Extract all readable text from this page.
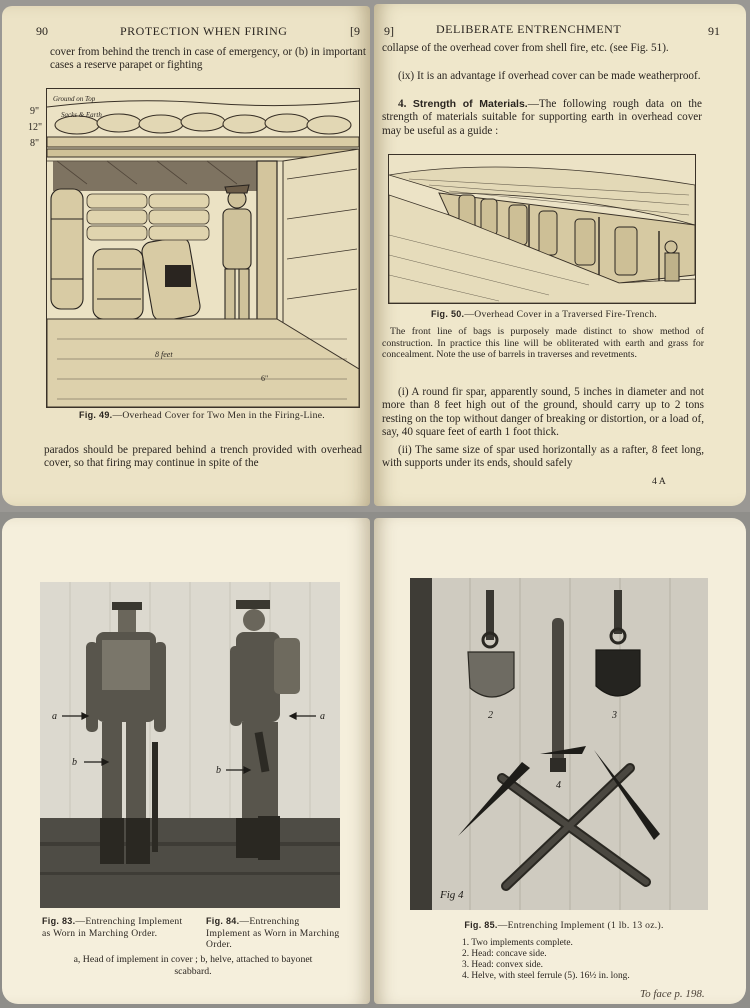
90	PROTECTION WHEN FIRING	[9
cover from behind the trench in case of emergency, or (b) in important cases a reserve parapet or fighting
Ground on Top
Sacks & Earth
8 feet
6"
9"
12"
8"
Fig. 49.—Overhead Cover for Two Men in the Firing-Line.
parados should be prepared behind a trench provided with overhead cover, so that firing may continue in spite of the
9]	DELIBERATE ENTRENCHMENT	91
collapse of the overhead cover from shell fire, etc. (see Fig. 51).
(ix) It is an advantage if overhead cover can be made weatherproof.
4. Strength of Materials.—The following rough data on the strength of materials suitable for supporting earth in overhead cover may be useful as a guide :
Fig. 50.—Overhead Cover in a Traversed Fire-Trench.
The front line of bags is purposely made distinct to show method of construction. In practice this line will be obliterated with earth and grass for concealment. Note the use of barrels in traverses and revetments.
(i) A round fir spar, apparently sound, 5 inches in diameter and not more than 8 feet high out of the ground, should carry up to 2 tons resting on the top without danger of breaking or distortion, or a load of, say, 40 square feet of earth 1 foot thick.
(ii) The same size of spar used horizontally as a rafter, 8 feet long, with supports under its ends, should safely
4 A
a
b
a
b
Fig. 83.—Entrenching Implement as Worn in Marching Order.
Fig. 84.—Entrenching Implement as Worn in Marching Order.
a, Head of implement in cover ; b, helve, attached to bayonet scabbard.
2	3
4
Fig 4
Fig. 85.—Entrenching Implement (1 lb. 13 oz.).
1. Two implements complete.
2. Head: concave side.
3. Head: convex side.
4. Helve, with steel ferrule (5). 16½ in. long.
To face p. 198.
